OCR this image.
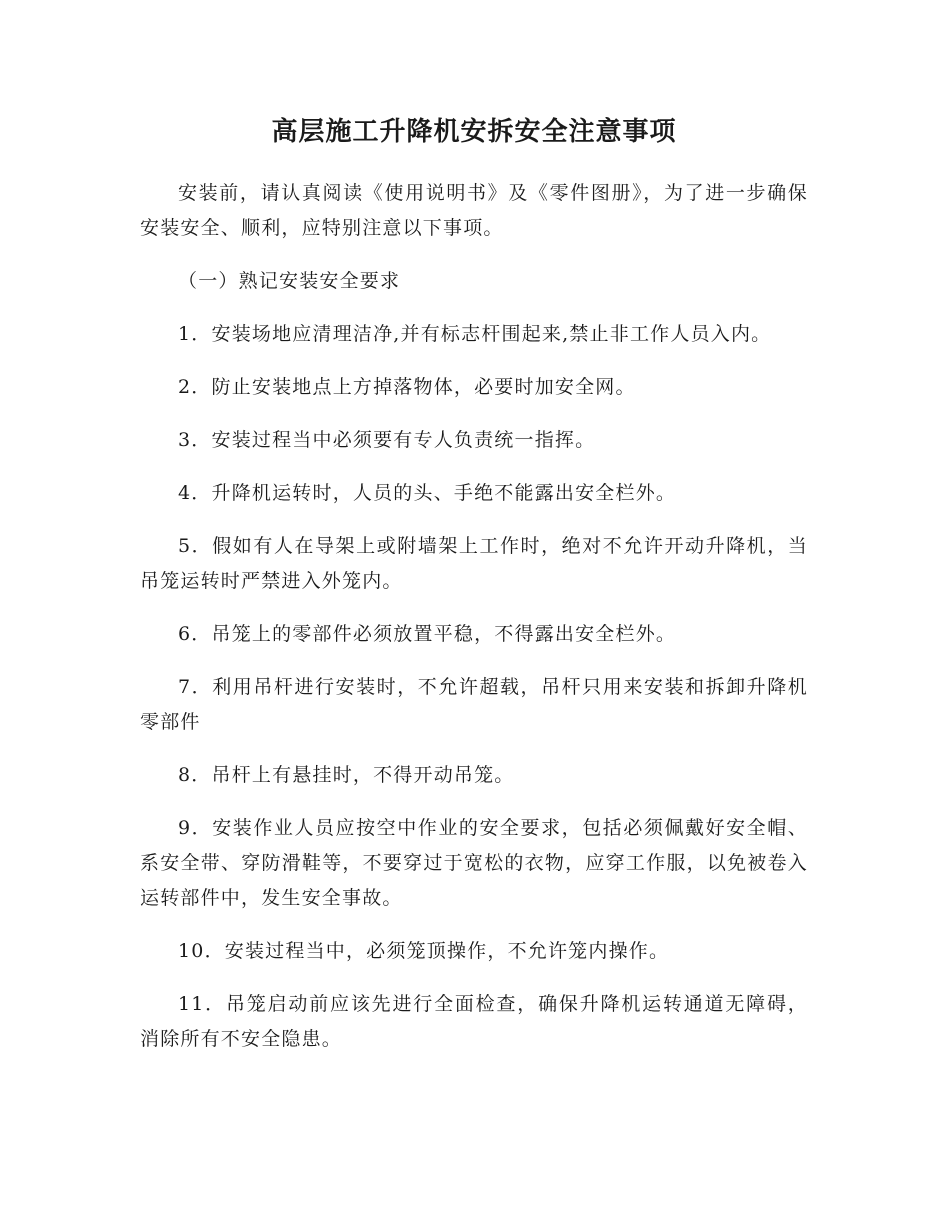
高层施工升降机安拆安全注意事项

安装前，请认真阅读《使用说明书》及《零件图册》，为了进一步确保安装安全、顺利，应特别注意以下事项。

（一）熟记安装安全要求

1．安装场地应清理洁净,并有标志杆围起来,禁止非工作人员入内。

2．防止安装地点上方掉落物体，必要时加安全网。

3．安装过程当中必须要有专人负责统一指挥。

4．升降机运转时，人员的头、手绝不能露出安全栏外。

5．假如有人在导架上或附墙架上工作时，绝对不允许开动升降机，当吊笼运转时严禁进入外笼内。

6．吊笼上的零部件必须放置平稳，不得露出安全栏外。

7．利用吊杆进行安装时，不允许超载，吊杆只用来安装和拆卸升降机零部件

8．吊杆上有悬挂时，不得开动吊笼。

9．安装作业人员应按空中作业的安全要求，包括必须佩戴好安全帽、系安全带、穿防滑鞋等，不要穿过于宽松的衣物，应穿工作服，以免被卷入运转部件中，发生安全事故。

10．安装过程当中，必须笼顶操作，不允许笼内操作。

11．吊笼启动前应该先进行全面检查，确保升降机运转通道无障碍，消除所有不安全隐患。
